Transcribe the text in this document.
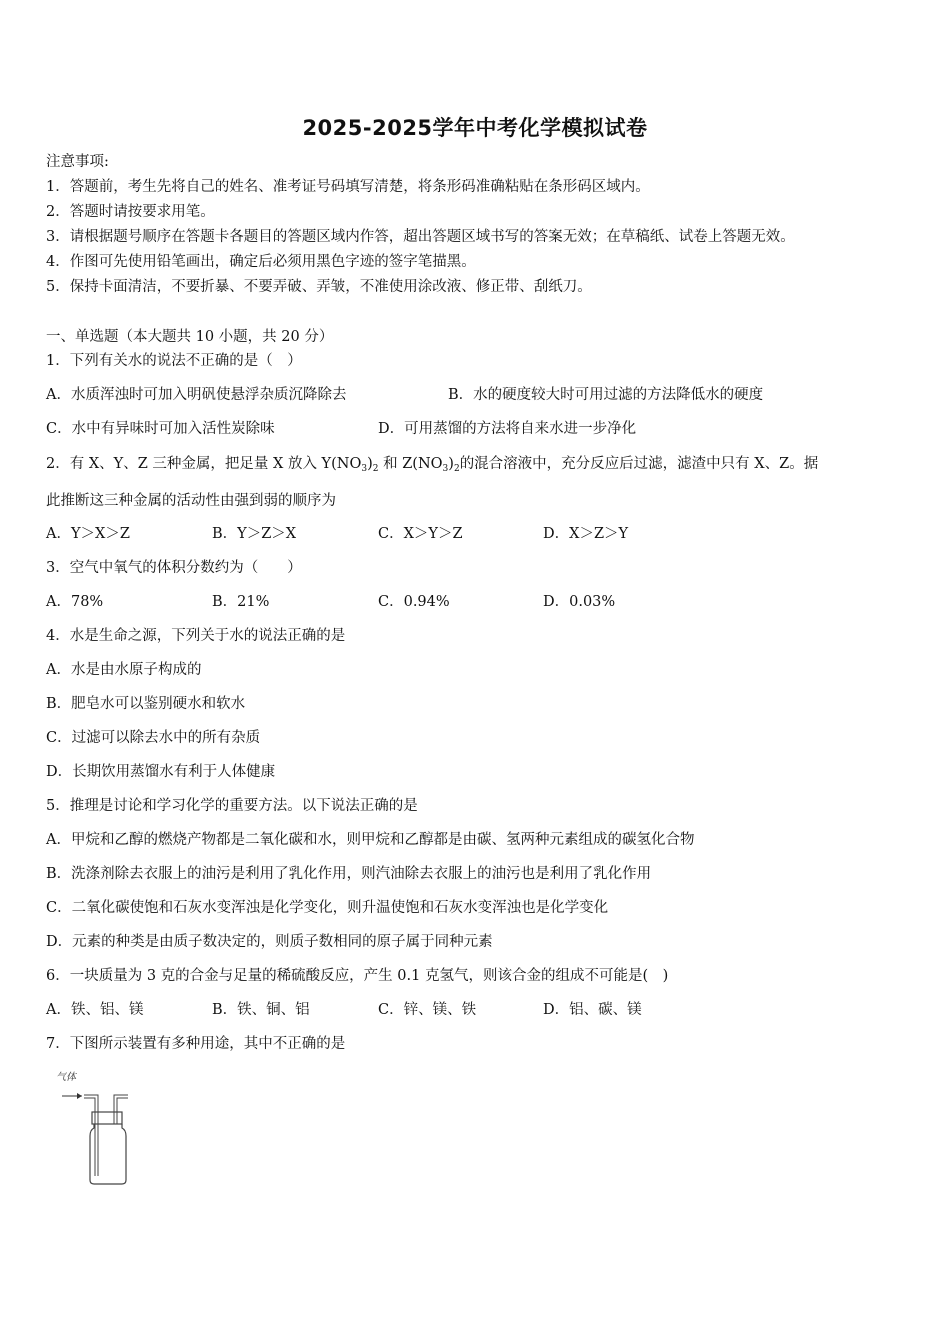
2025-2025学年中考化学模拟试卷
注意事项:
1．答题前，考生先将自己的姓名、准考证号码填写清楚，将条形码准确粘贴在条形码区域内。
2．答题时请按要求用笔。
3．请根据题号顺序在答题卡各题目的答题区域内作答，超出答题区域书写的答案无效；在草稿纸、试卷上答题无效。
4．作图可先使用铅笔画出，确定后必须用黑色字迹的签字笔描黑。
5．保持卡面清洁，不要折暴、不要弄破、弄皱，不准使用涂改液、修正带、刮纸刀。
一、单选题（本大题共 10 小题，共 20 分）
1．下列有关水的说法不正确的是（　）
A．水质浑浊时可加入明矾使悬浮杂质沉降除去	B．水的硬度较大时可用过滤的方法降低水的硬度
C．水中有异味时可加入活性炭除味	D．可用蒸馏的方法将自来水进一步净化
2．有 X、Y、Z 三种金属，把足量 X 放入 $Y(NO_3)_2$ 和 $Z(NO_3)_2$的混合溶液中，充分反应后过滤，滤渣中只有 X、Z。据
此推断这三种金属的活动性由强到弱的顺序为
A．Y＞X＞Z	B．Y＞Z＞X	C．X＞Y＞Z	D．X＞Z＞Y
3．空气中氧气的体积分数约为（　　）
A．78%	B．21%	C．0.94%	D．0.03%
4．水是生命之源，下列关于水的说法正确的是
A．水是由水原子构成的
B．肥皂水可以鉴别硬水和软水
C．过滤可以除去水中的所有杂质
D．长期饮用蒸馏水有利于人体健康
5．推理是讨论和学习化学的重要方法。以下说法正确的是
A．甲烷和乙醇的燃烧产物都是二氧化碳和水，则甲烷和乙醇都是由碳、氢两种元素组成的碳氢化合物
B．洗涤剂除去衣服上的油污是利用了乳化作用，则汽油除去衣服上的油污也是利用了乳化作用
C．二氧化碳使饱和石灰水变浑浊是化学变化，则升温使饱和石灰水变浑浊也是化学变化
D．元素的种类是由质子数决定的，则质子数相同的原子属于同种元素
6．一块质量为 3 克的合金与足量的稀硫酸反应，产生 0.1 克氢气，则该合金的组成不可能是(　)
A．铁、铝、镁	B．铁、铜、铝	C．锌、镁、铁	D．铝、碳、镁
7．下图所示装置有多种用途，其中不正确的是
气体
